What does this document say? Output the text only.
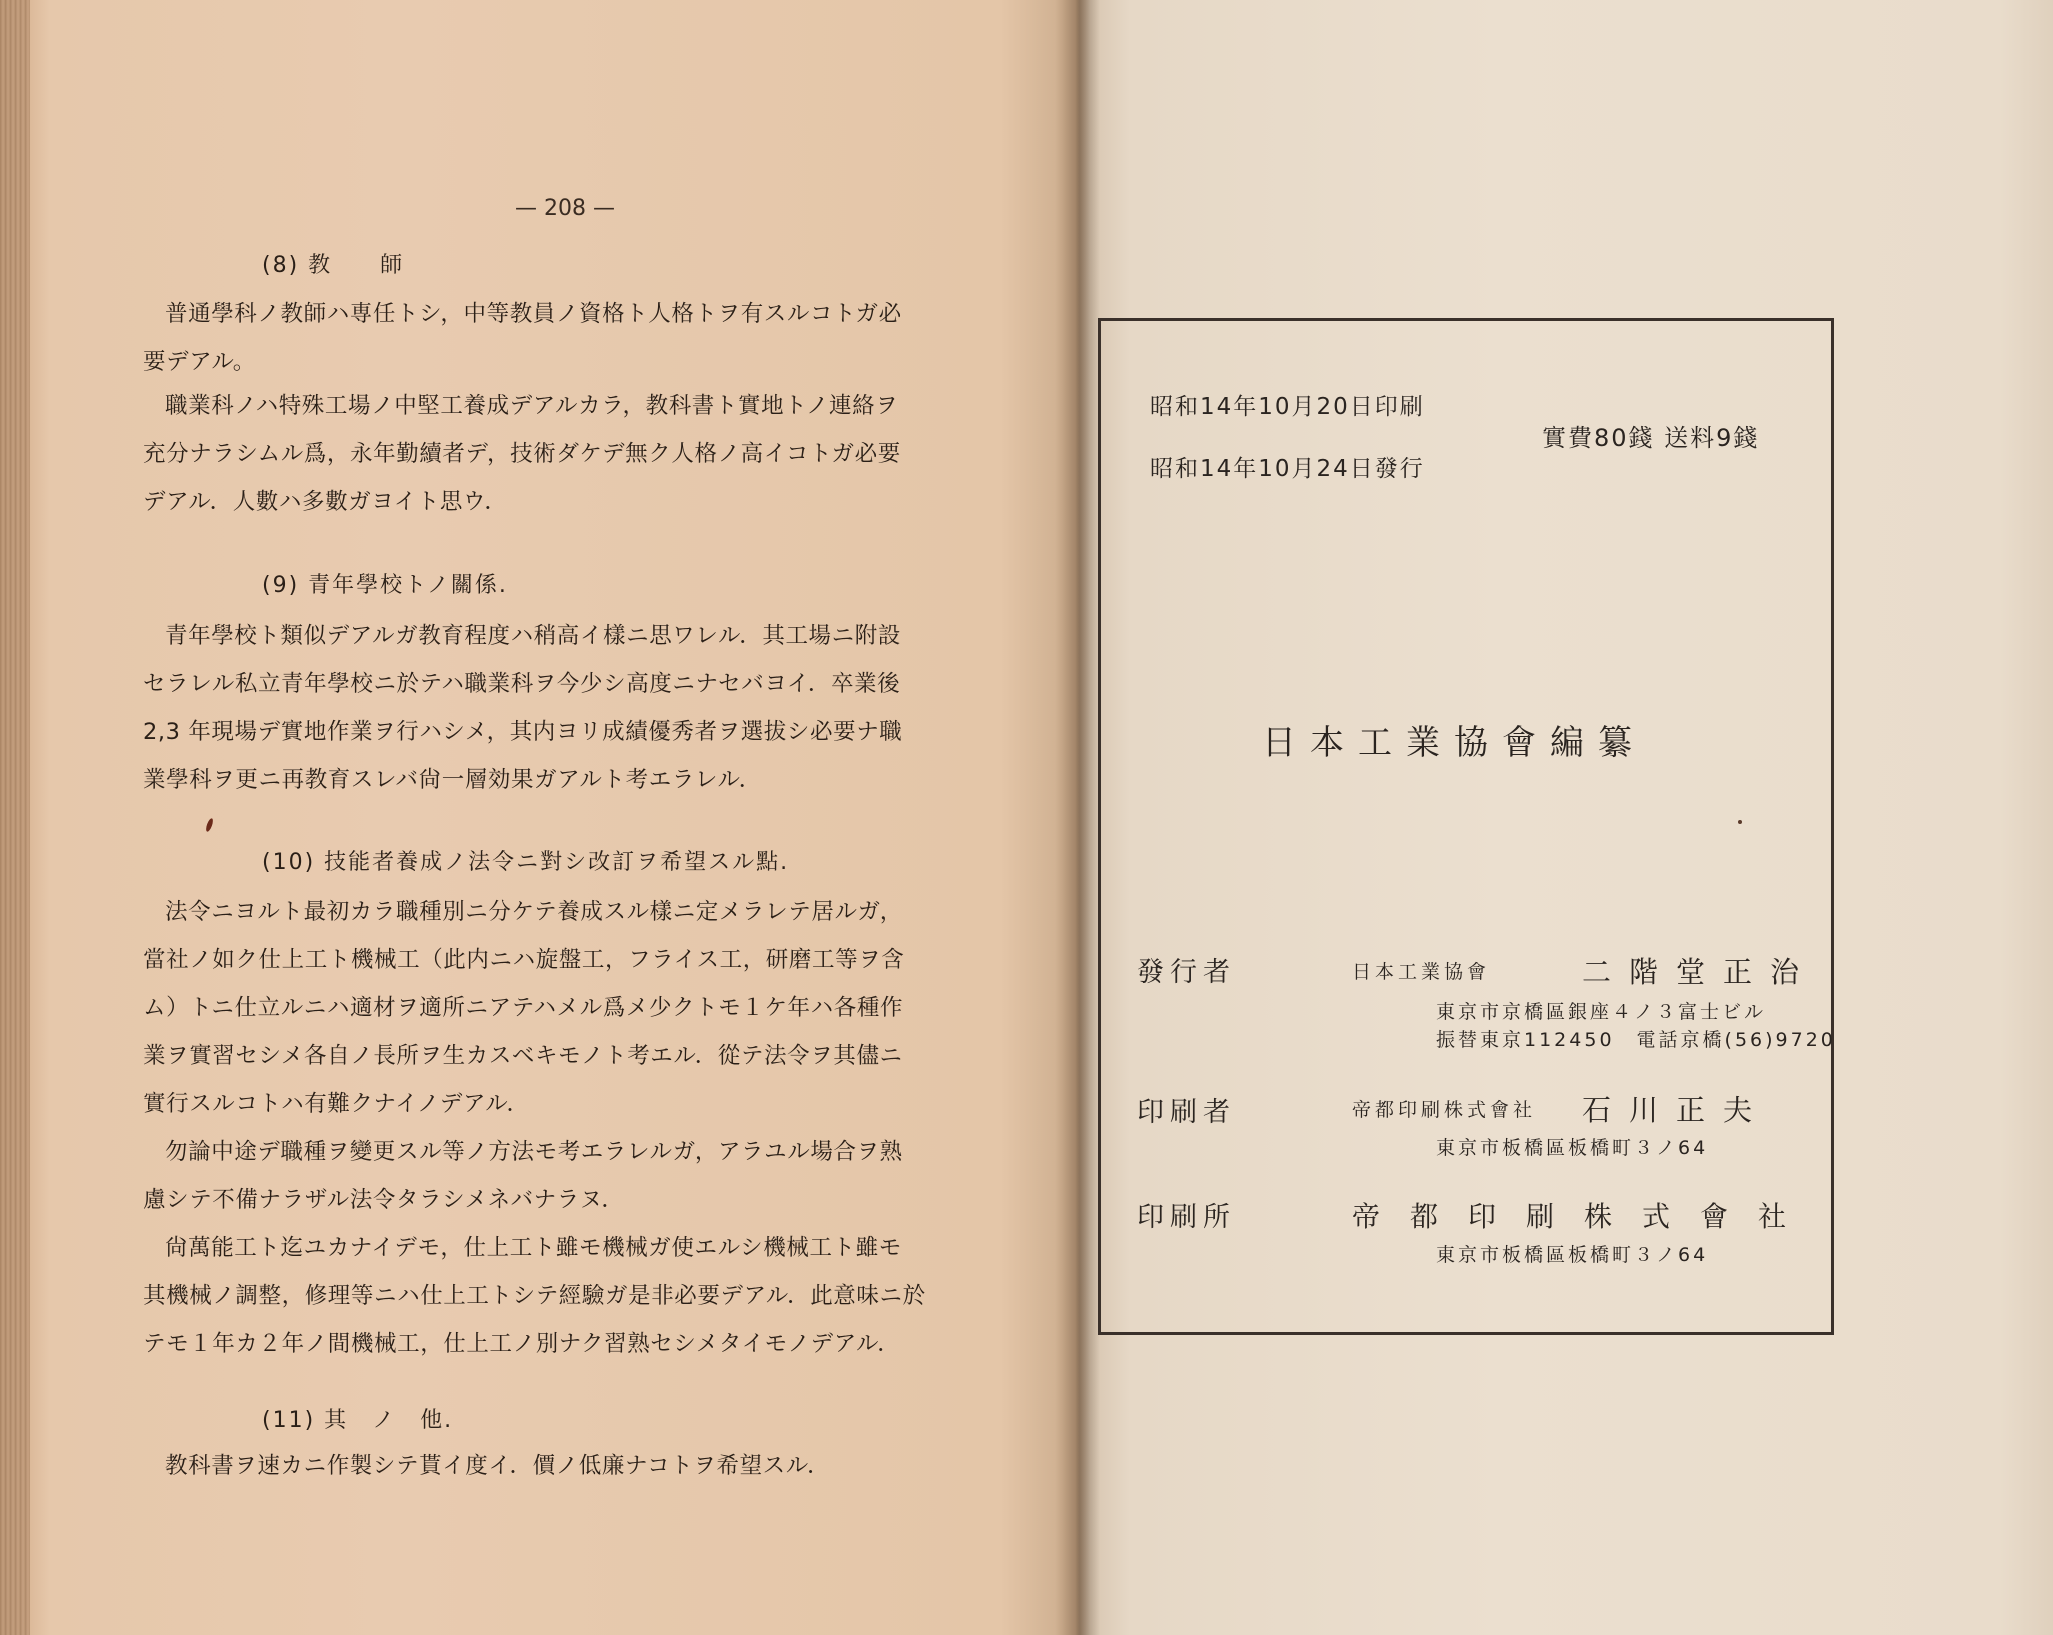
— 208 —
(8) 教　　師
普通學科ノ教師ハ専任トシ，中等教員ノ資格ト人格トヲ有スルコトガ必
要デアル。
職業科ノハ特殊工場ノ中堅工養成デアルカラ，教科書ト實地トノ連絡ヲ
充分ナラシムル爲，永年勤續者デ，技術ダケデ無ク人格ノ高イコトガ必要
デアル．人數ハ多數ガヨイト思ウ．
(9) 青年學校トノ關係.
青年學校ト類似デアルガ教育程度ハ稍高イ樣ニ思ワレル．其工場ニ附設
セラレル私立青年學校ニ於テハ職業科ヲ今少シ高度ニナセバヨイ．卒業後
2,3 年現場デ實地作業ヲ行ハシメ，其内ヨリ成績優秀者ヲ選拔シ必要ナ職
業學科ヲ更ニ再教育スレバ尙一層効果ガアルト考エラレル．
(10) 技能者養成ノ法令ニ對シ改訂ヲ希望スル點.
法令ニヨルト最初カラ職種別ニ分ケテ養成スル樣ニ定メラレテ居ルガ，
當社ノ如ク仕上工ト機械工（此内ニハ旋盤工，フライス工，研磨工等ヲ含
ム）トニ仕立ルニハ適材ヲ適所ニアテハメル爲メ少クトモ１ケ年ハ各種作
業ヲ實習セシメ各自ノ長所ヲ生カスベキモノト考エル．從テ法令ヲ其儘ニ
實行スルコトハ有難クナイノデアル．
勿論中途デ職種ヲ變更スル等ノ方法モ考エラレルガ，アラユル場合ヲ熟
慮シテ不備ナラザル法令タラシメネバナラヌ．
尙萬能工ト迄ユカナイデモ，仕上工ト雖モ機械ガ使エルシ機械工ト雖モ
其機械ノ調整，修理等ニハ仕上工トシテ經驗ガ是非必要デアル．此意味ニ於
テモ１年カ２年ノ間機械工，仕上工ノ別ナク習熟セシメタイモノデアル．
(11) 其　ノ　他.
教科書ヲ速カニ作製シテ貰イ度イ．價ノ低廉ナコトヲ希望スル．
昭和14年10月20日印刷
昭和14年10月24日發行
實費80錢 送料9錢
日本工業協會編纂
發行者	日本工業協會	二階堂正治
東京市京橋區銀座４ノ３富士ビル
振替東京112450　電話京橋(56)9720
印刷者	帝都印刷株式會社 石川正夫
東京市板橋區板橋町３ノ64
印刷所	帝都印刷株式會社
東京市板橋區板橋町３ノ64
